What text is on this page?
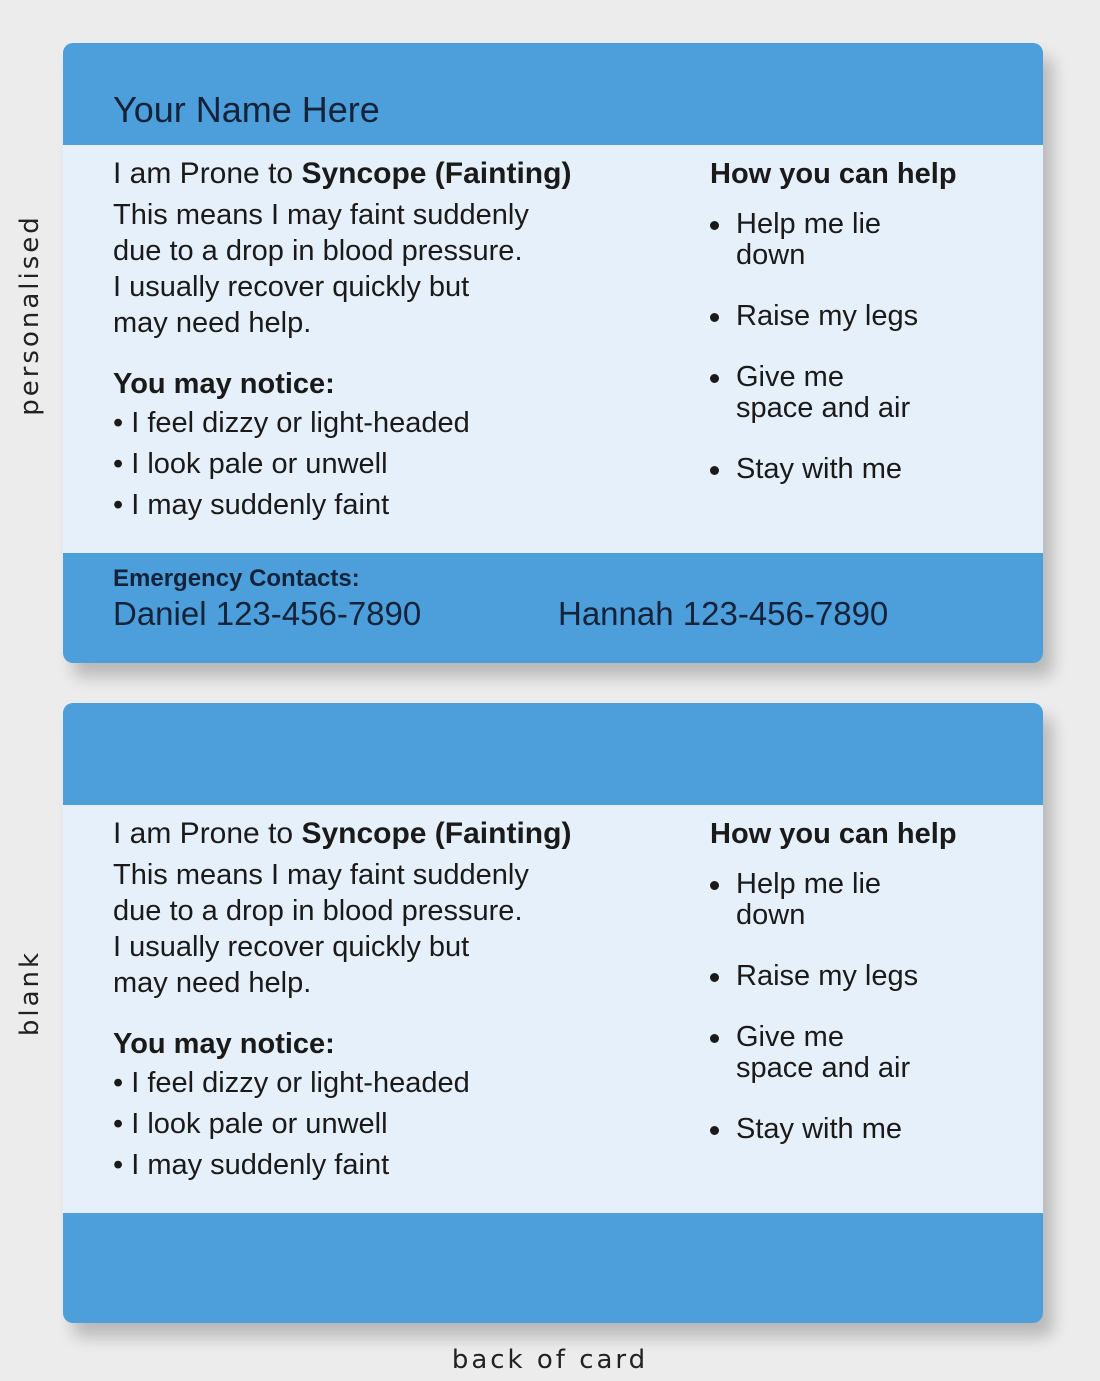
personalised
blank
Your Name Here

I am Prone to Syncope (Fainting)

This means I may faint suddenly
due to a drop in blood pressure.
I usually recover quickly but
may need help.

You may notice:
• I feel dizzy or light-headed
• I look pale or unwell
• I may suddenly faint
How you can help
Help me lie
down
Raise my legs
Give me
space and air
Stay with me
Emergency Contacts:
Daniel 123-456-7890	Hannah 123-456-7890

I am Prone to Syncope (Fainting)

This means I may faint suddenly
due to a drop in blood pressure.
I usually recover quickly but
may need help.

You may notice:
• I feel dizzy or light-headed
• I look pale or unwell
• I may suddenly faint
How you can help
Help me lie
down
Raise my legs
Give me
space and air
Stay with me
back of card
